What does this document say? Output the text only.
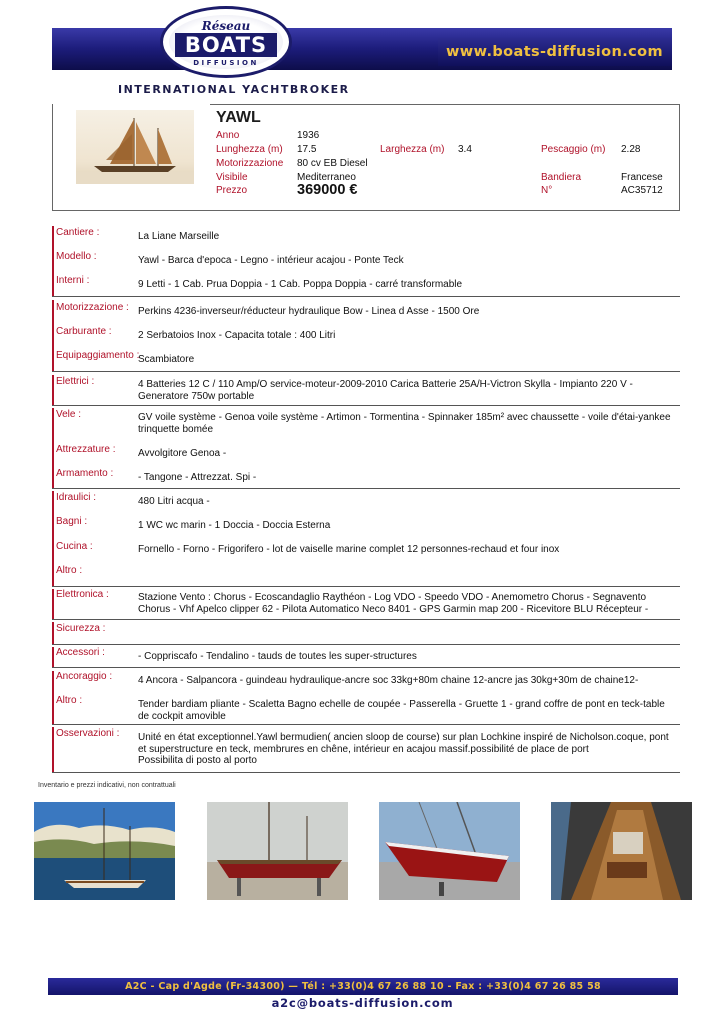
www.boats-diffusion.com
Réseau
BOATS
DIFFUSION
INTERNATIONAL YACHTBROKER
YAWL
Anno	1936
Lunghezza (m) 17.5	Larghezza (m) 3.4	Pescaggio (m) 2.28
Motorizzazione 80 cv EB Diesel
Visibile	Mediterraneo	Bandiera	Francese
Prezzo	369000 €	N°	AC35712
Cantiere :	La Liane Marseille
Modello :	Yawl - Barca d'epoca - Legno - intérieur acajou - Ponte Teck
Interni :	9 Letti - 1 Cab. Prua Doppia - 1 Cab. Poppa Doppia - carré transformable
Motorizzazione : Perkins 4236-inverseur/réducteur hydraulique Bow - Linea d Asse - 1500 Ore
Carburante :	2 Serbatoios Inox - Capacita totale : 400 Litri
Equipaggiamento :
Scambiatore
Elettrici :	4 Batteries 12 C / 110 Amp/O service-moteur-2009-2010 Carica Batterie 25A/H-Victron Skylla - Impianto 220 V - Generatore 750w portable
Vele :	GV voile système - Genoa voile système - Artimon - Tormentina - Spinnaker 185m² avec chaussette - voile d'étai-yankee trinquette bomée
Attrezzature : Avvolgitore Genoa -
Armamento : - Tangone - Attrezzat. Spi -
Idraulici :	480 Litri acqua -
Bagni :	1 WC wc marin - 1 Doccia - Doccia Esterna
Cucina :	Fornello - Forno - Frigorifero - lot de vaiselle marine complet 12 personnes-rechaud et four inox
Altro :
Elettronica :	Stazione Vento : Chorus - Ecoscandaglio Raythéon - Log VDO - Speedo VDO - Anemometro Chorus - Segnavento Chorus - Vhf Apelco clipper 62 - Pilota Automatico Neco 8401 - GPS Garmin map 200 - Ricevitore BLU Récepteur -
Sicurezza :
Accessori :	- Coppriscafo - Tendalino - tauds de toutes les super-structures
Ancoraggio :	4 Ancora - Salpancora - guindeau hydraulique-ancre soc 33kg+80m chaine 12-ancre jas 30kg+30m de chaine12-
Altro :	Tender bardiam pliante - Scaletta Bagno echelle de coupée - Passerella - Gruette 1 - grand coffre de pont en teck-table de cockpit amovible
Osservazioni : Unité en état exceptionnel.Yawl bermudien( ancien sloop de course) sur plan Lochkine inspiré de Nicholson.coque, pont et superstructure en teck, membrures en chêne, intérieur en acajou massif.possibilité de place de port
Possibilita di posto al porto
Inventario e prezzi indicativi, non contrattuali
A2C - Cap d'Agde (Fr-34300) — Tél : +33(0)4 67 26 88 10 - Fax : +33(0)4 67 26 85 58
a2c@boats-diffusion.com
